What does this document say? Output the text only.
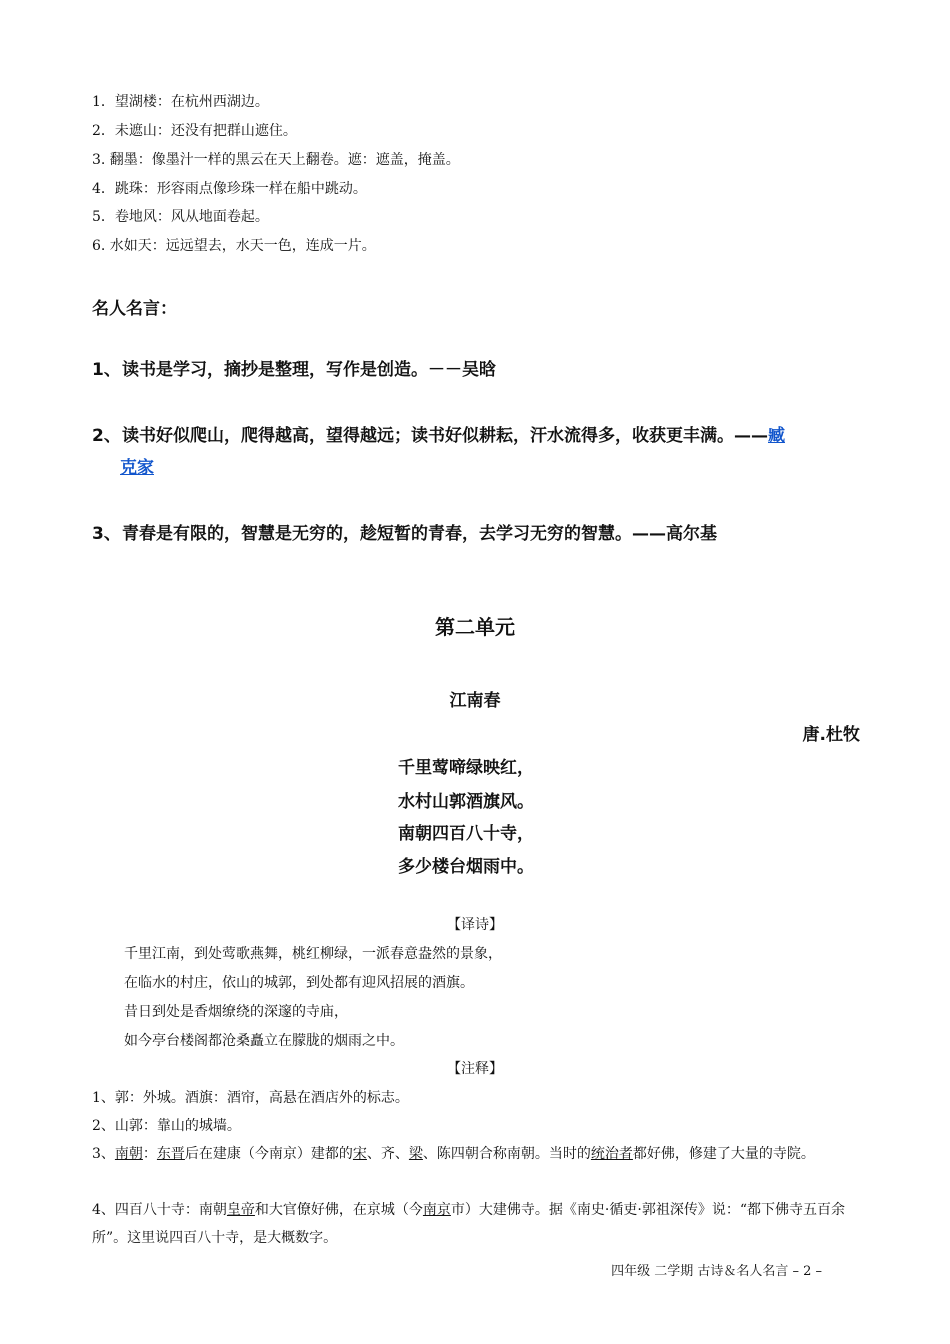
1．望湖楼：在杭州西湖边。
2．未遮山：还没有把群山遮住。
3. 翻墨：像墨汁一样的黑云在天上翻卷。遮：遮盖，掩盖。
4．跳珠：形容雨点像珍珠一样在船中跳动。
5．卷地风：风从地面卷起。
6. 水如天：远远望去，水天一色，连成一片。
名人名言：
1、读书是学习，摘抄是整理，写作是创造。－－吴晗
2、读书好似爬山，爬得越高，望得越远；读书好似耕耘，汗水流得多，收获更丰满。——臧
克家
3、青春是有限的，智慧是无穷的，趁短暂的青春，去学习无穷的智慧。——高尔基
第二单元
江南春
唐.杜牧
千里莺啼绿映红，
水村山郭酒旗风。
南朝四百八十寺，
多少楼台烟雨中。
【译诗】
千里江南，到处莺歌燕舞，桃红柳绿，一派春意盎然的景象，
在临水的村庄，依山的城郭，到处都有迎风招展的酒旗。
昔日到处是香烟缭绕的深邃的寺庙，
如今亭台楼阁都沧桑矗立在朦胧的烟雨之中。
【注释】
1、郭：外城。酒旗：酒帘，高悬在酒店外的标志。
2、山郭：靠山的城墙。
3、南朝：东晋后在建康（今南京）建都的宋、齐、梁、陈四朝合称南朝。当时的统治者都好佛，修建了大量的寺院。
4、四百八十寺：南朝皇帝和大官僚好佛，在京城（今南京市）大建佛寺。据《南史·循吏·郭祖深传》说：“都下佛寺五百余所”。这里说四百八十寺，是大概数字。
四年级 二学期 古诗＆名人名言 – 2 –
